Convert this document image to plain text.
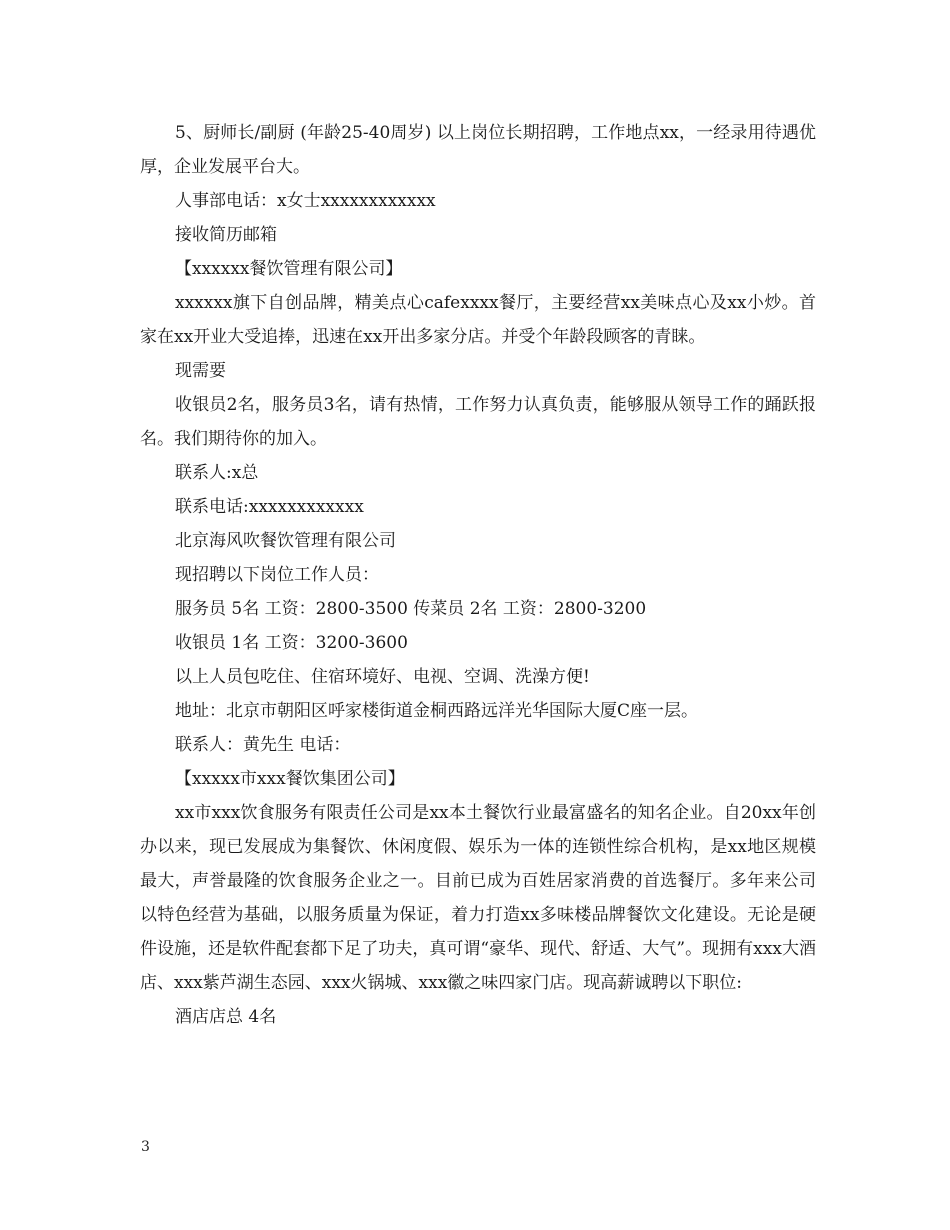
5、厨师长/副厨 (年龄25-40周岁) 以上岗位长期招聘，工作地点xx，一经录用待遇优厚，企业发展平台大。

人事部电话：x女士xxxxxxxxxxxx

接收简历邮箱

【xxxxxx餐饮管理有限公司】

xxxxxx旗下自创品牌，精美点心cafexxxx餐厅，主要经营xx美味点心及xx小炒。首家在xx开业大受追捧，迅速在xx开出多家分店。并受个年龄段顾客的青睐。

现需要

收银员2名，服务员3名，请有热情，工作努力认真负责，能够服从领导工作的踊跃报名。我们期待你的加入。

联系人:x总

联系电话:xxxxxxxxxxxx

北京海风吹餐饮管理有限公司

现招聘以下岗位工作人员：

服务员 5名 工资：2800-3500 传菜员 2名 工资：2800-3200

收银员 1名 工资：3200-3600

以上人员包吃住、住宿环境好、电视、空调、洗澡方便!

地址：北京市朝阳区呼家楼街道金桐西路远洋光华国际大厦C座一层。

联系人：黄先生 电话：

【xxxxx市xxx餐饮集团公司】

xx市xxx饮食服务有限责任公司是xx本土餐饮行业最富盛名的知名企业。自20xx年创办以来，现已发展成为集餐饮、休闲度假、娱乐为一体的连锁性综合机构，是xx地区规模最大，声誉最隆的饮食服务企业之一。目前已成为百姓居家消费的首选餐厅。多年来公司以特色经营为基础，以服务质量为保证，着力打造xx多味楼品牌餐饮文化建设。无论是硬件设施，还是软件配套都下足了功夫，真可谓“豪华、现代、舒适、大气”。现拥有xxx大酒店、xxx紫芦湖生态园、xxx火锅城、xxx徽之味四家门店。现高薪诚聘以下职位:

酒店店总 4名

3
